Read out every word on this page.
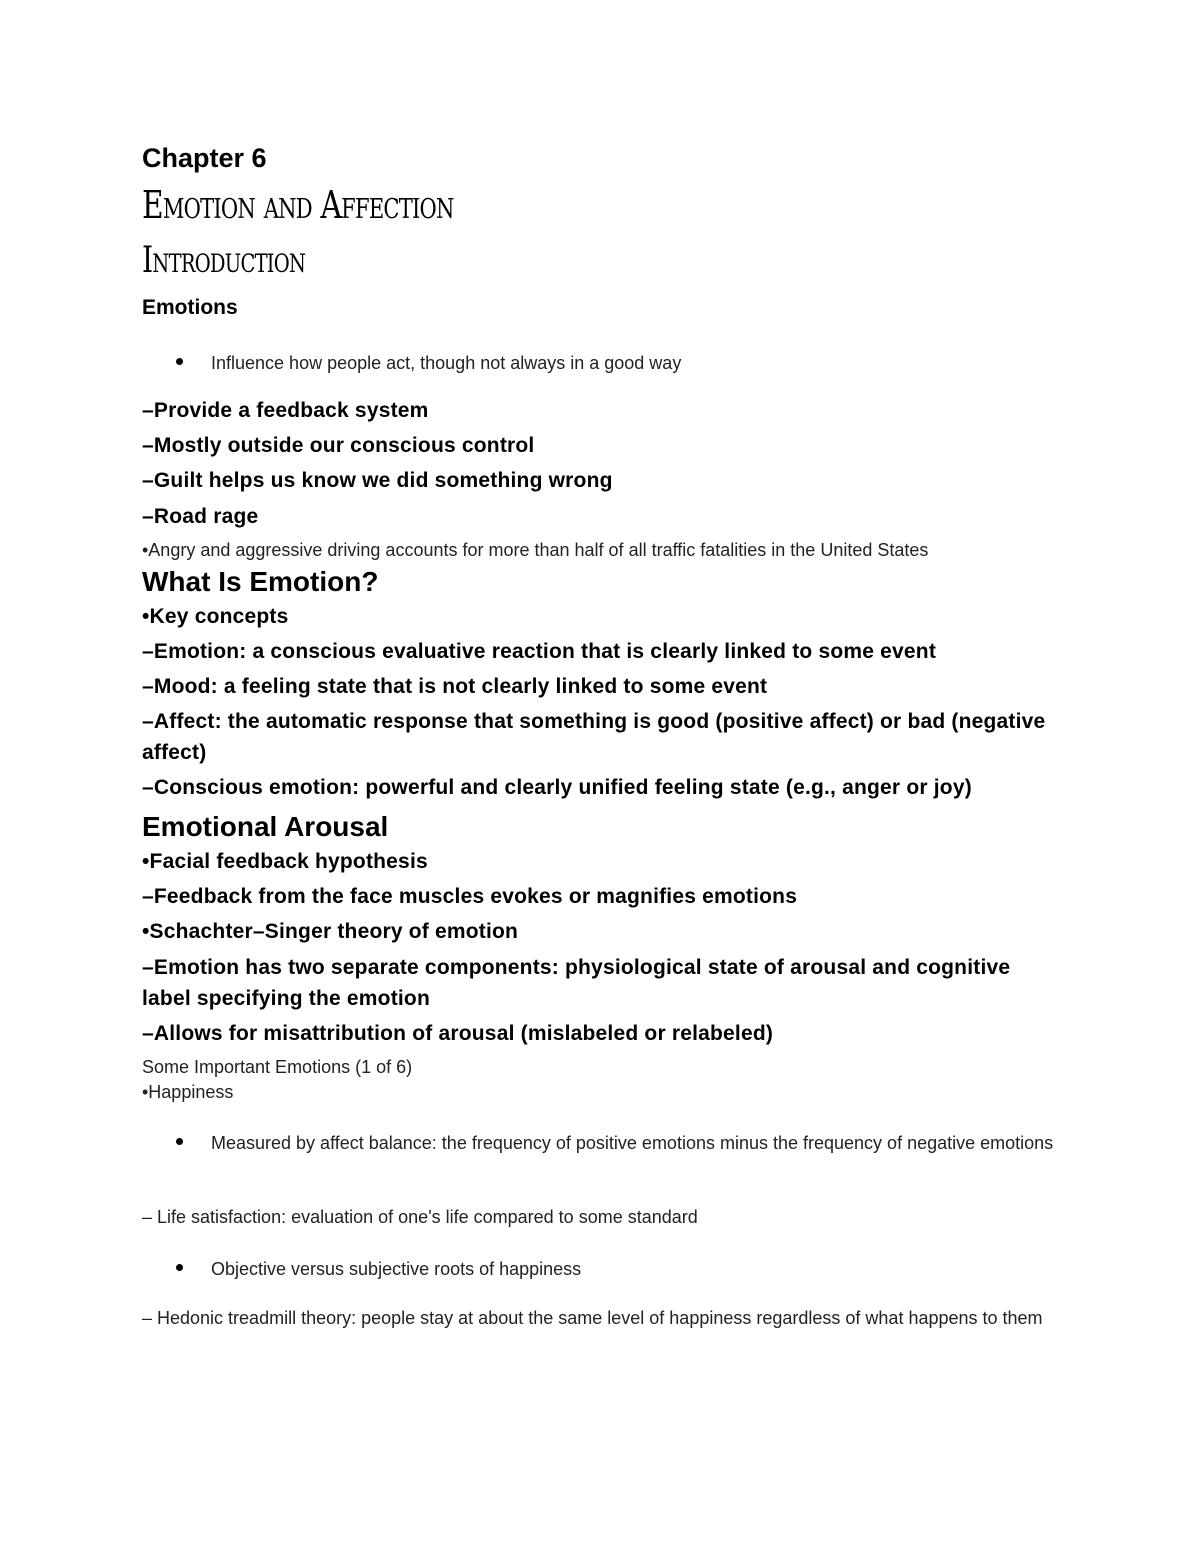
Chapter 6
Emotion and Affection
Introduction
Emotions
Influence how people act, though not always in a good way
–Provide a feedback system
–Mostly outside our conscious control
–Guilt helps us know we did something wrong
–Road rage
•Angry and aggressive driving accounts for more than half of all traffic fatalities in the United States
What Is Emotion?
•Key concepts
–Emotion: a conscious evaluative reaction that is clearly linked to some event
–Mood: a feeling state that is not clearly linked to some event
–Affect: the automatic response that something is good (positive affect) or bad (negative affect)
–Conscious emotion: powerful and clearly unified feeling state (e.g., anger or joy)
Emotional Arousal
•Facial feedback hypothesis
–Feedback from the face muscles evokes or magnifies emotions
•Schachter–Singer theory of emotion
–Emotion has two separate components: physiological state of arousal and cognitive label specifying the emotion
–Allows for misattribution of arousal (mislabeled or relabeled)
Some Important Emotions (1 of 6)
•Happiness
Measured by affect balance: the frequency of positive emotions minus the frequency of negative emotions
– Life satisfaction: evaluation of one's life compared to some standard
Objective versus subjective roots of happiness
– Hedonic treadmill theory: people stay at about the same level of happiness regardless of what happens to them
